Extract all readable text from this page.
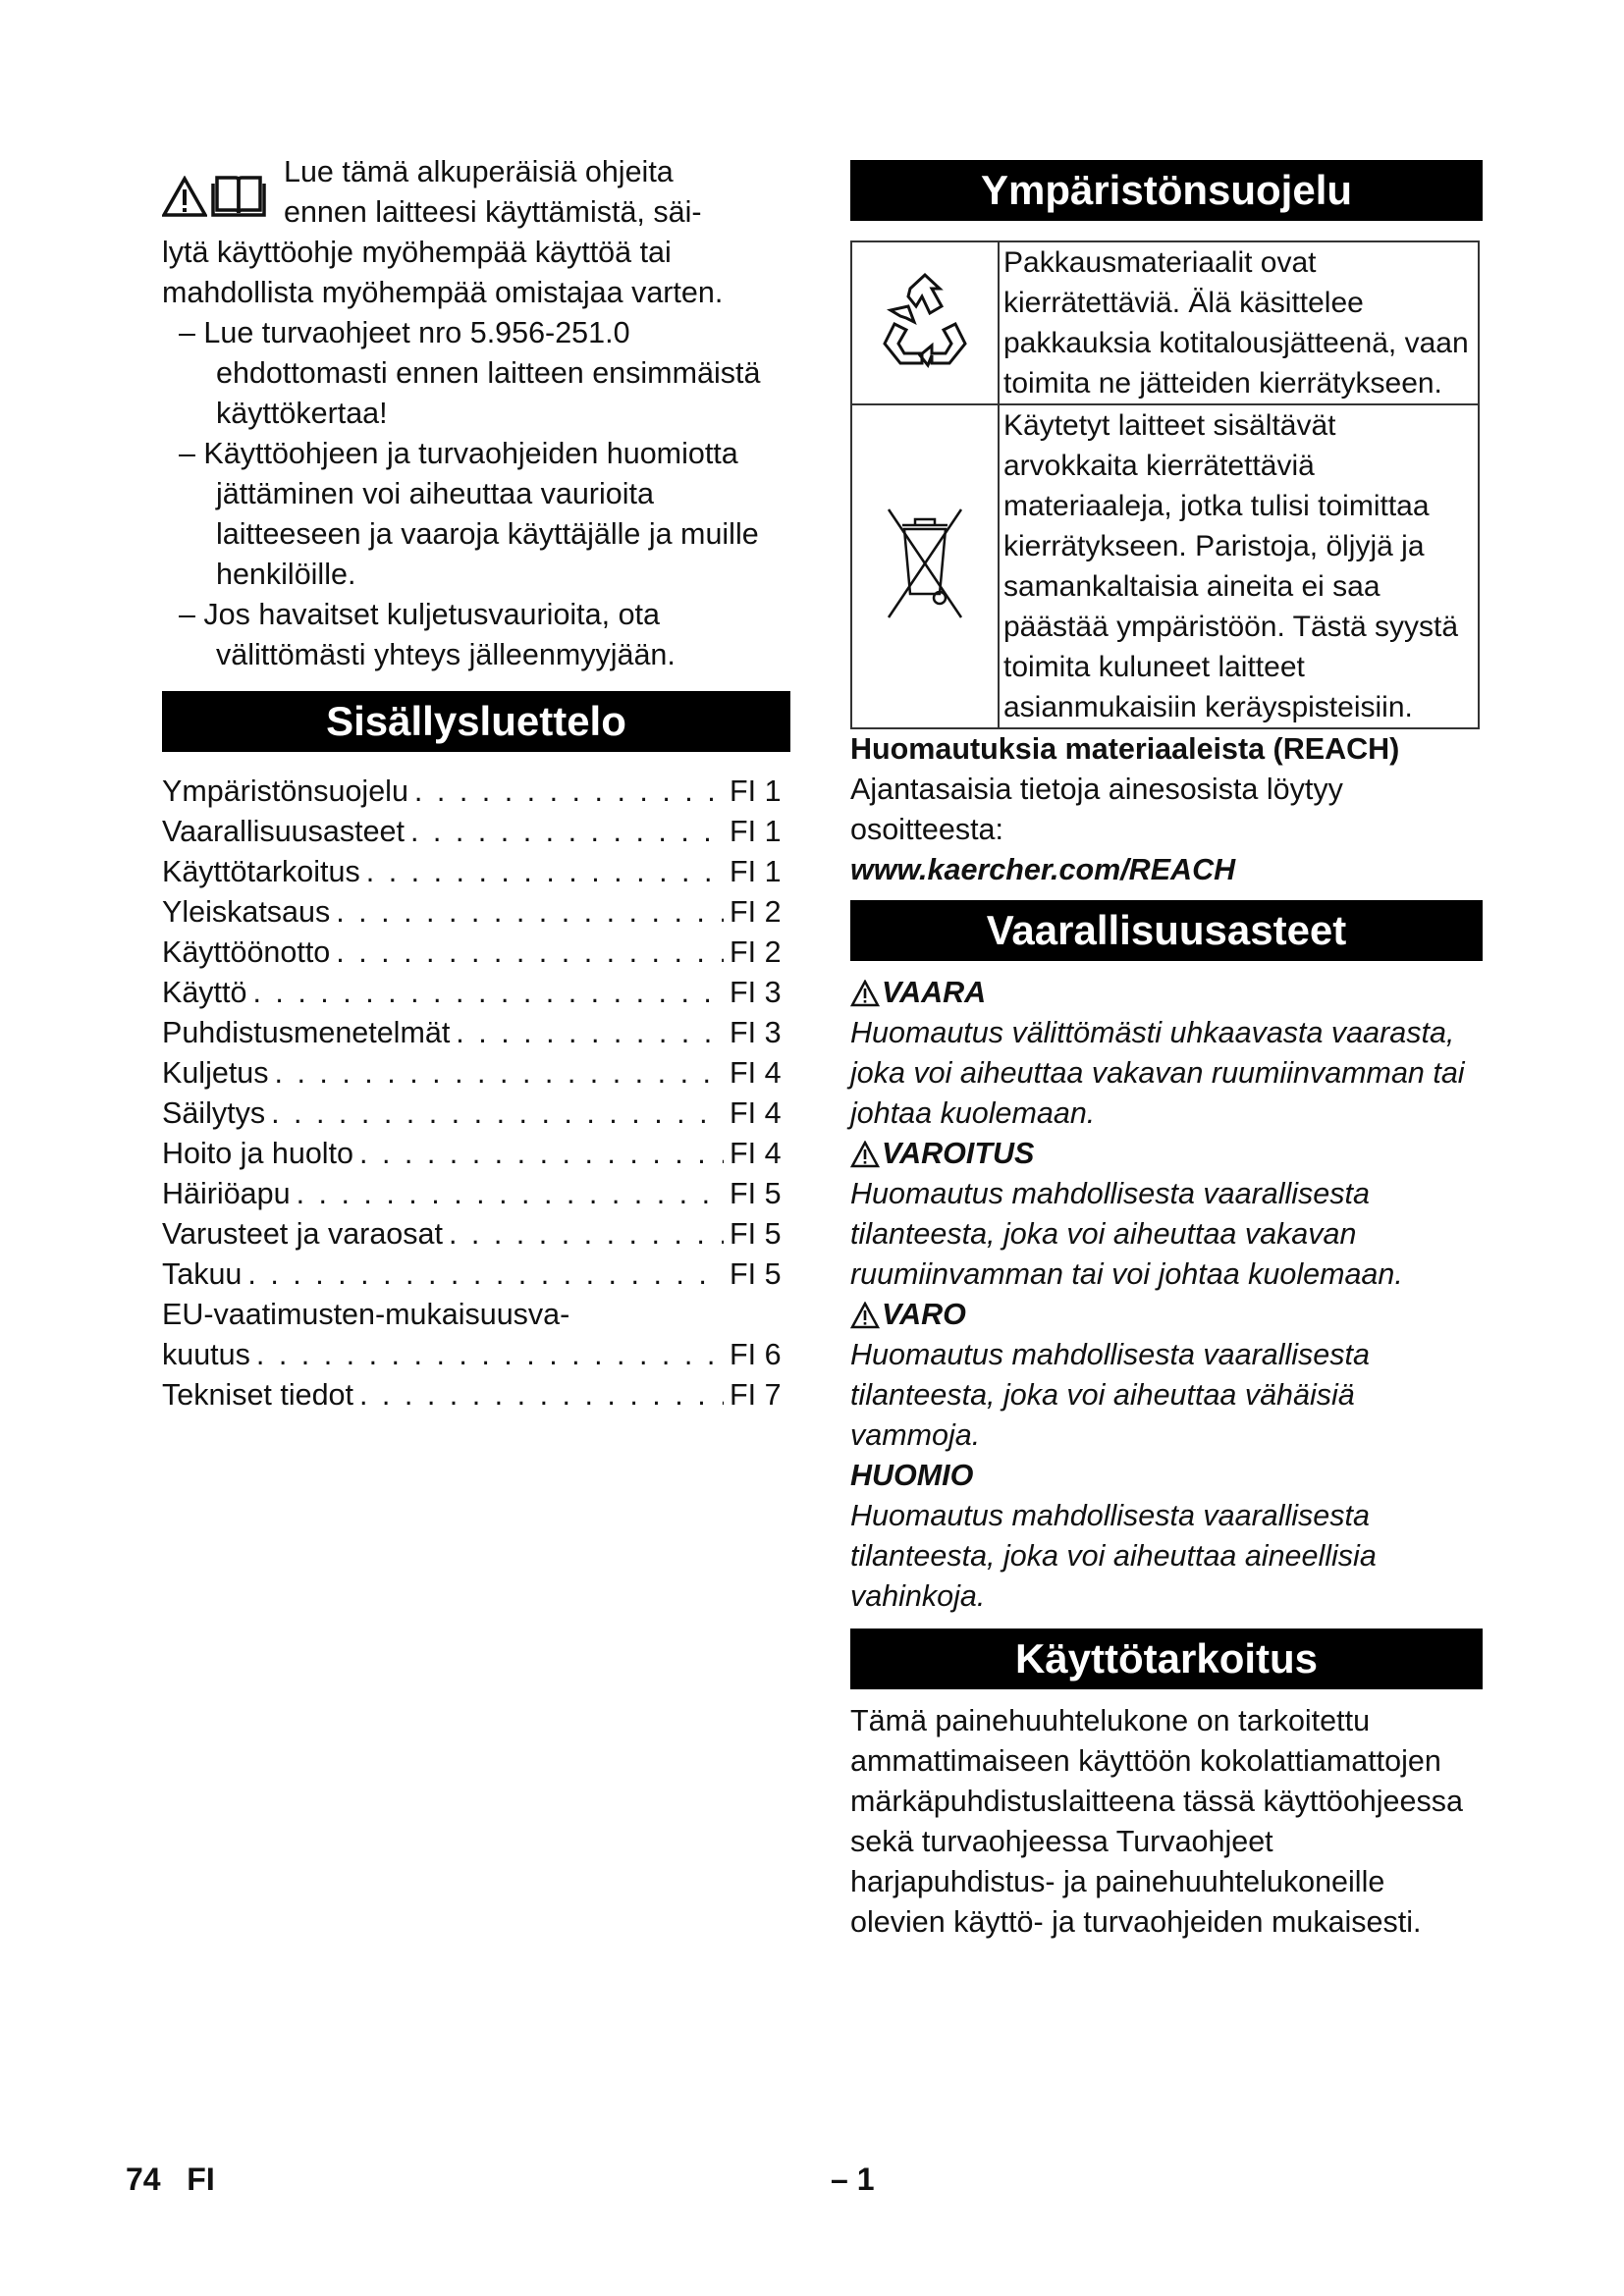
Lue tämä alkuperäisiä ohjeita

ennen laitteesi käyttämistä, säi-

lytä käyttöohje myöhempää käyttöä tai mahdollista myöhempää omistajaa varten.

– Lue turvaohjeet nro 5.956-251.0 ehdottomasti ennen laitteen ensimmäistä käyttökertaa!

– Käyttöohjeen ja turvaohjeiden huomiotta jättäminen voi aiheuttaa vaurioita laitteeseen ja vaaroja käyttäjälle ja muille henkilöille.

– Jos havaitset kuljetusvaurioita, ota välittömästi yhteys jälleenmyyjään.

Sisällysluettelo
Ympäristönsuojelu . . .	FI 1
Vaarallisuusasteet . . .	FI 1
Käyttötarkoitus . . .	FI 1
Yleiskatsaus . . .	FI 2
Käyttöönotto . . .	FI 2
Käyttö . . .	FI 3
Puhdistusmenetelmät . . .	FI 3
Kuljetus . . .	FI 4
Säilytys . . .	FI 4
Hoito ja huolto . . .	FI 4
Häiriöapu . . .	FI 5
Varusteet ja varaosat . . .	FI 5
Takuu . . .	FI 5
EU-vaatimusten-mukaisuusva-
kuutus . . .	FI 6
Tekniset tiedot . . .	FI 7
Ympäristönsuojelu
	Pakkausmateriaalit ovat kierrätettäviä. Älä käsittelee pakkauksia kotitalousjätteenä, vaan toimita ne jätteiden kierrätykseen.
	Käytetyt laitteet sisältävät arvokkaita kierrätettäviä materiaaleja, jotka tulisi toimittaa kierrätykseen. Paristoja, öljyjä ja samankaltaisia aineita ei saa päästää ympäristöön. Tästä syystä toimita kuluneet laitteet asianmukaisiin keräyspisteisiin.

Huomautuksia materiaaleista (REACH)

Ajantasaisia tietoja ainesosista löytyy osoitteesta:

www.kaercher.com/REACH

Vaarallisuusasteet
VAARA

Huomautus välittömästi uhkaavasta vaarasta, joka voi aiheuttaa vakavan ruumiinvamman tai johtaa kuolemaan.

VAROITUS

Huomautus mahdollisesta vaarallisesta tilanteesta, joka voi aiheuttaa vakavan ruumiinvamman tai voi johtaa kuolemaan.

VARO

Huomautus mahdollisesta vaarallisesta tilanteesta, joka voi aiheuttaa vähäisiä vammoja.

HUOMIO

Huomautus mahdollisesta vaarallisesta tilanteesta, joka voi aiheuttaa aineellisia vahinkoja.

Käyttötarkoitus

Tämä painehuuhtelukone on tarkoitettu ammattimaiseen käyttöön kokolattiamattojen märkäpuhdistuslaitteena tässä käyttöohjeessa sekä turvaohjeessa Turvaohjeet harjapuhdistus- ja painehuuhtelukoneille olevien käyttö- ja turvaohjeiden mukaisesti.

74 FI	– 1
